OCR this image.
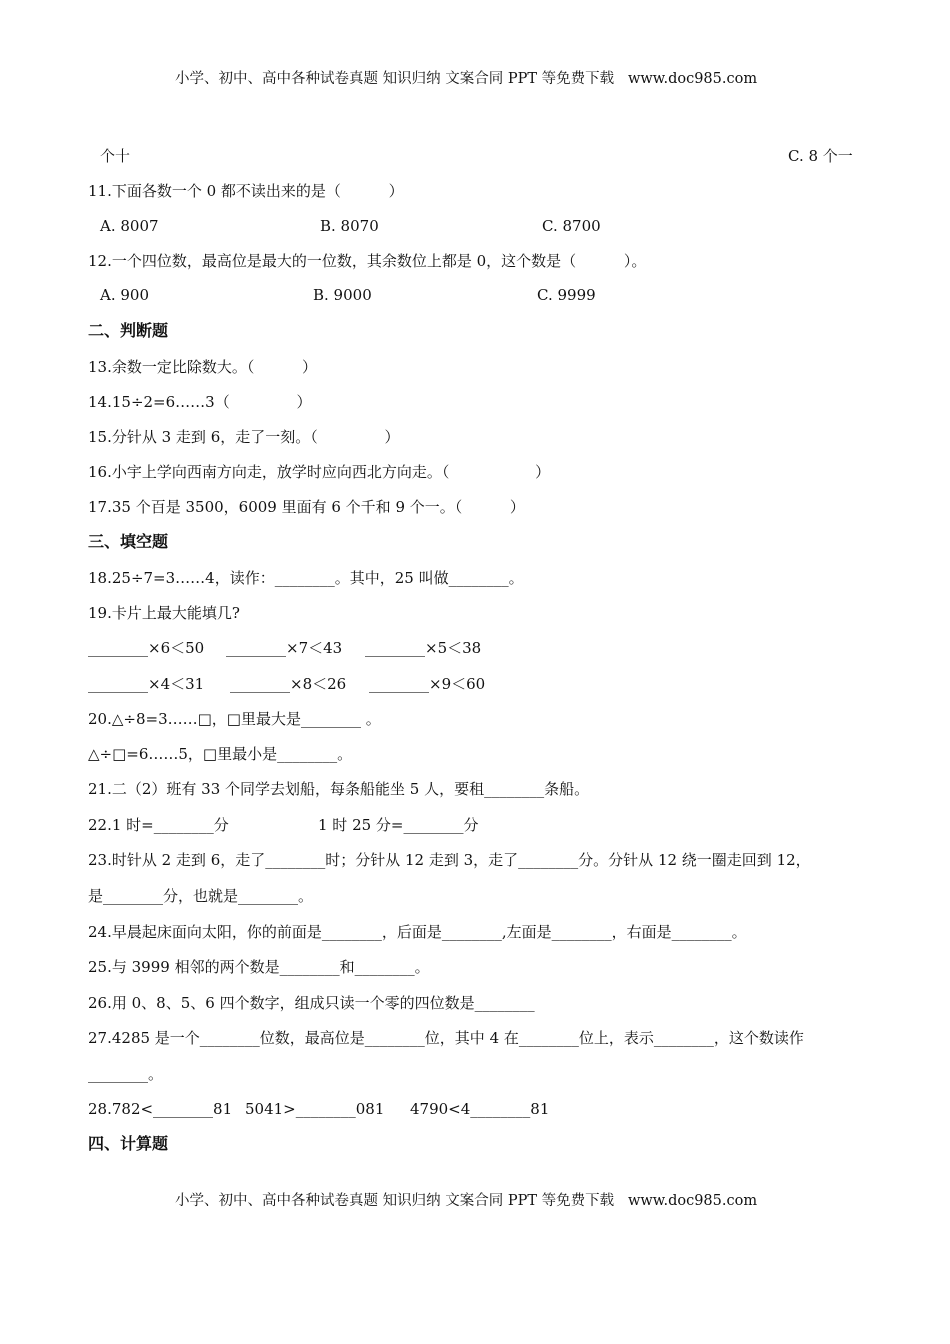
小学、初中、高中各种试卷真题 知识归纳 文案合同 PPT 等免费下载   www.doc985.com
个十	C. 8 个一
11.下面各数一个 0 都不读出来的是（          ）
A. 8007	B. 8070	C. 8700
12.一个四位数，最高位是最大的一位数，其余数位上都是 0，这个数是（          ）。
A. 900	B. 9000	C. 9999
二、判断题
13.余数一定比除数大。（          ）
14.15÷2=6……3（              ）
15.分针从 3 走到 6，走了一刻。（              ）
16.小宇上学向西南方向走，放学时应向西北方向走。（                  ）
17.35 个百是 3500，6009 里面有 6 个千和 9 个一。（          ）
三、填空题
18.25÷7=3……4，读作：________。其中，25 叫做________。
19.卡片上最大能填几?
________×6＜50 ________×7＜43 ________×5＜38
________×4＜31 ________×8＜26 ________×9＜60
20.△÷8=3……□，□里最大是________ 。
△÷□=6……5，□里最小是________。
21.二（2）班有 33 个同学去划船，每条船能坐 5 人，要租________条船。
22.1 时=________分	1 时 25 分=________分
23.时针从 2 走到 6，走了________时；分针从 12 走到 3，走了________分。分针从 12 绕一圈走回到 12，
是________分，也就是________。
24.早晨起床面向太阳，你的前面是________，后面是________,左面是________，右面是________。
25.与 3999 相邻的两个数是________和________。
26.用 0、8、5、6 四个数字，组成只读一个零的四位数是________
27.4285 是一个________位数，最高位是________位，其中 4 在________位上，表示________，这个数读作
________。
28.782<________81 5041>________081 4790<4________81
四、计算题
小学、初中、高中各种试卷真题 知识归纳 文案合同 PPT 等免费下载   www.doc985.com
